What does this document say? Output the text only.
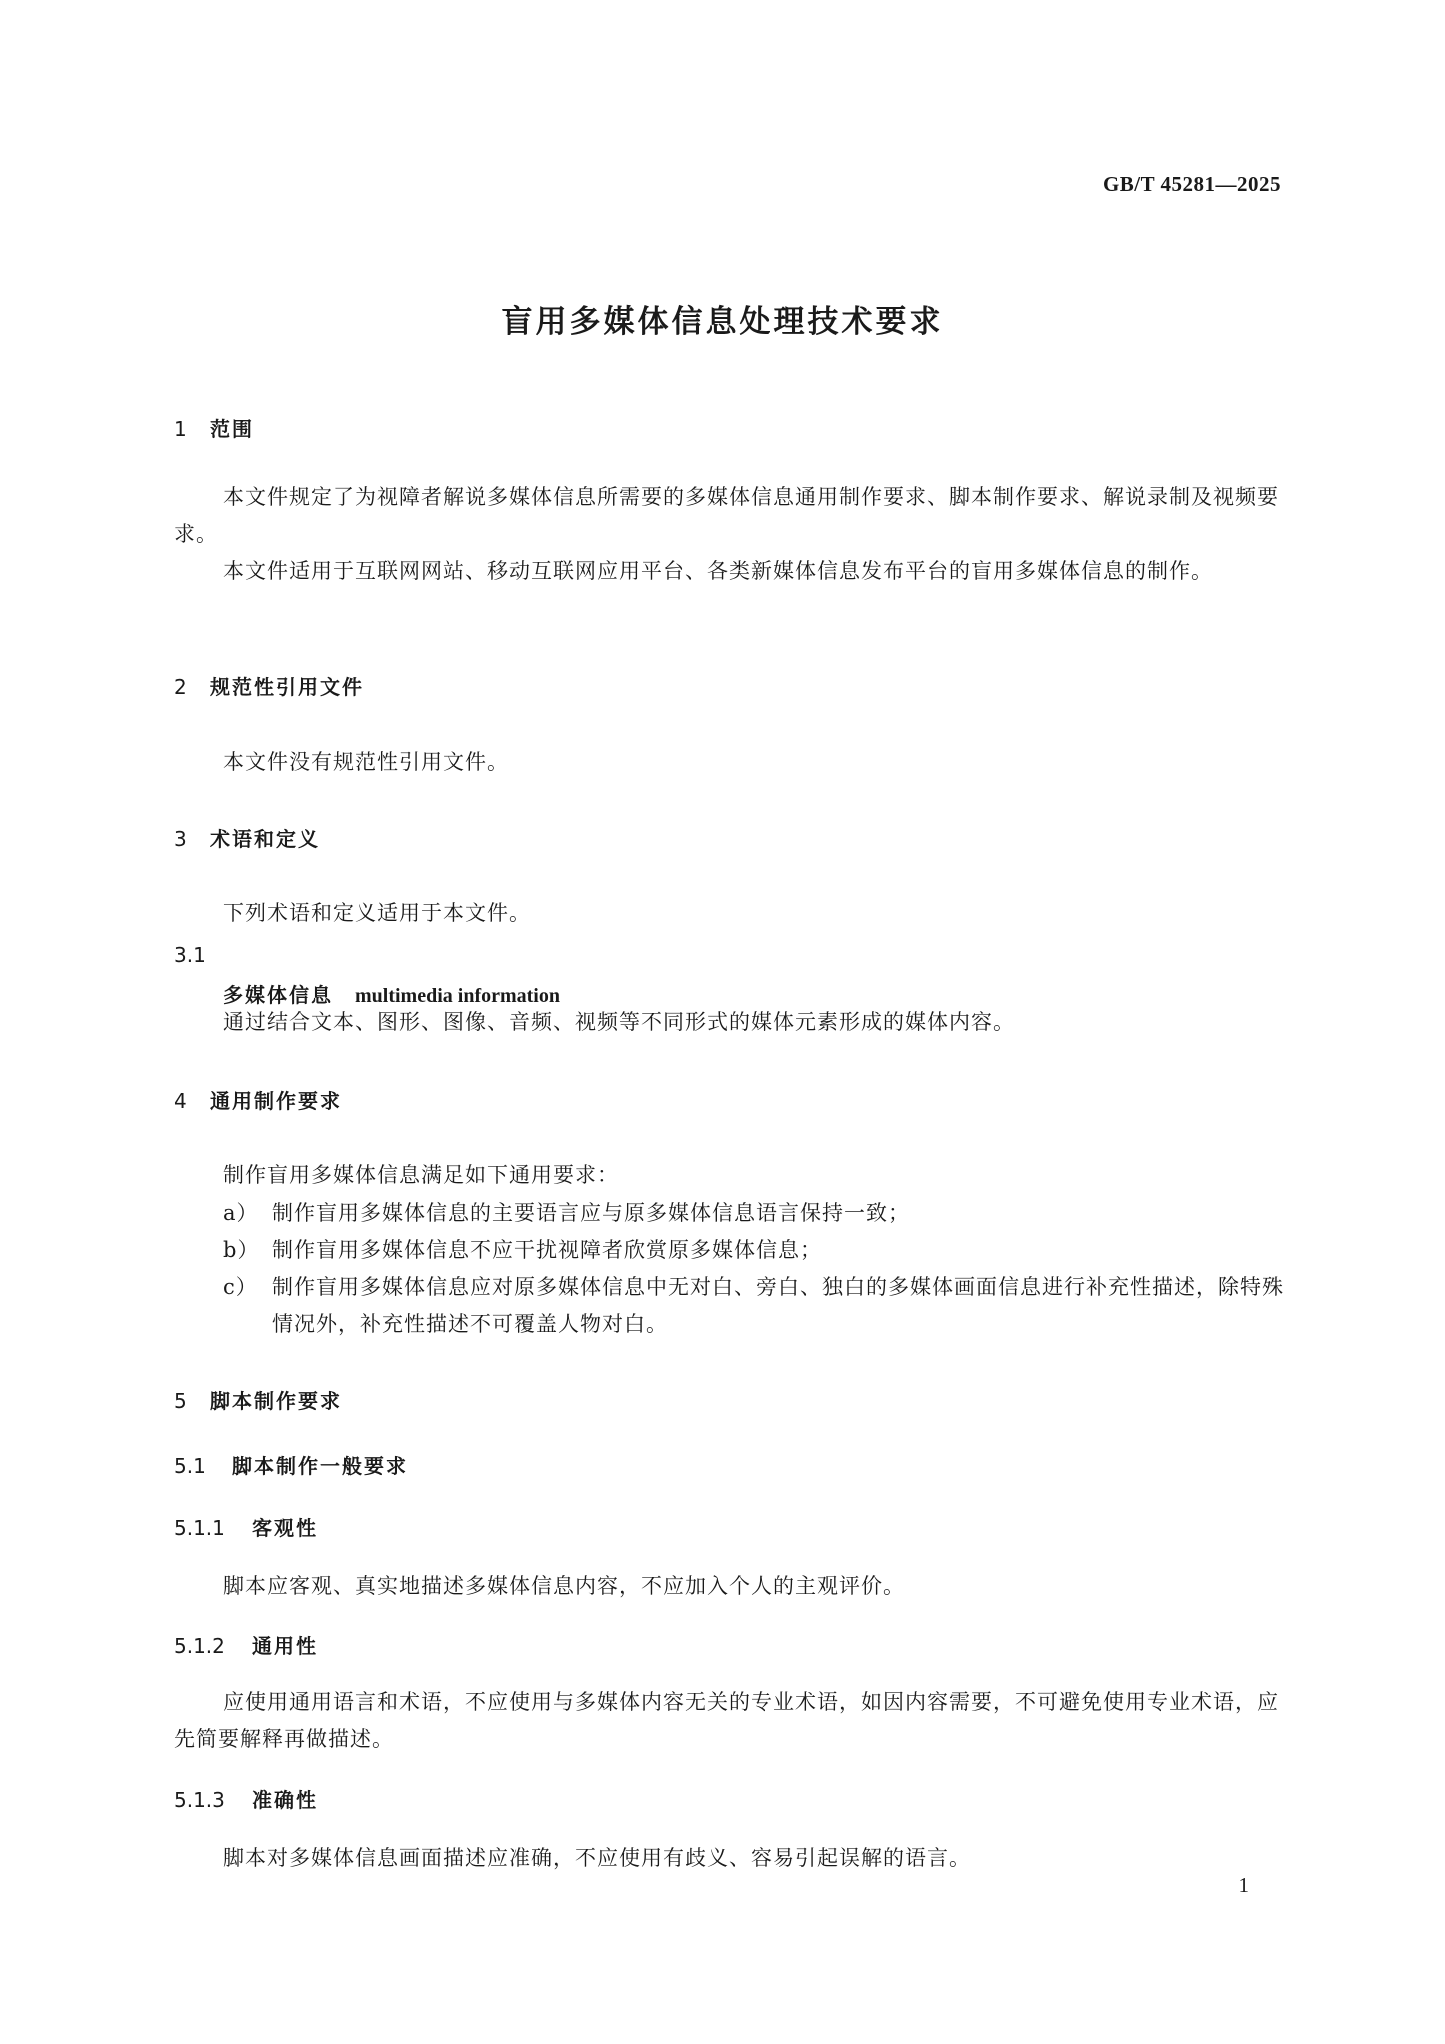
GB/T 45281—2025
盲用多媒体信息处理技术要求
1 范围
本文件规定了为视障者解说多媒体信息所需要的多媒体信息通用制作要求、脚本制作要求、解说录制及视频要求。
本文件适用于互联网网站、移动互联网应用平台、各类新媒体信息发布平台的盲用多媒体信息的制作。
2 规范性引用文件
本文件没有规范性引用文件。
3 术语和定义
下列术语和定义适用于本文件。
3.1
多媒体信息 multimedia information
通过结合文本、图形、图像、音频、视频等不同形式的媒体元素形成的媒体内容。
4 通用制作要求
制作盲用多媒体信息满足如下通用要求：
a） 制作盲用多媒体信息的主要语言应与原多媒体信息语言保持一致；
b） 制作盲用多媒体信息不应干扰视障者欣赏原多媒体信息；
c） 制作盲用多媒体信息应对原多媒体信息中无对白、旁白、独白的多媒体画面信息进行补充性描述，除特殊情况外，补充性描述不可覆盖人物对白。
5 脚本制作要求
5.1 脚本制作一般要求
5.1.1 客观性
脚本应客观、真实地描述多媒体信息内容，不应加入个人的主观评价。
5.1.2 通用性
应使用通用语言和术语，不应使用与多媒体内容无关的专业术语，如因内容需要，不可避免使用专业术语，应先简要解释再做描述。
5.1.3 准确性
脚本对多媒体信息画面描述应准确，不应使用有歧义、容易引起误解的语言。
1
